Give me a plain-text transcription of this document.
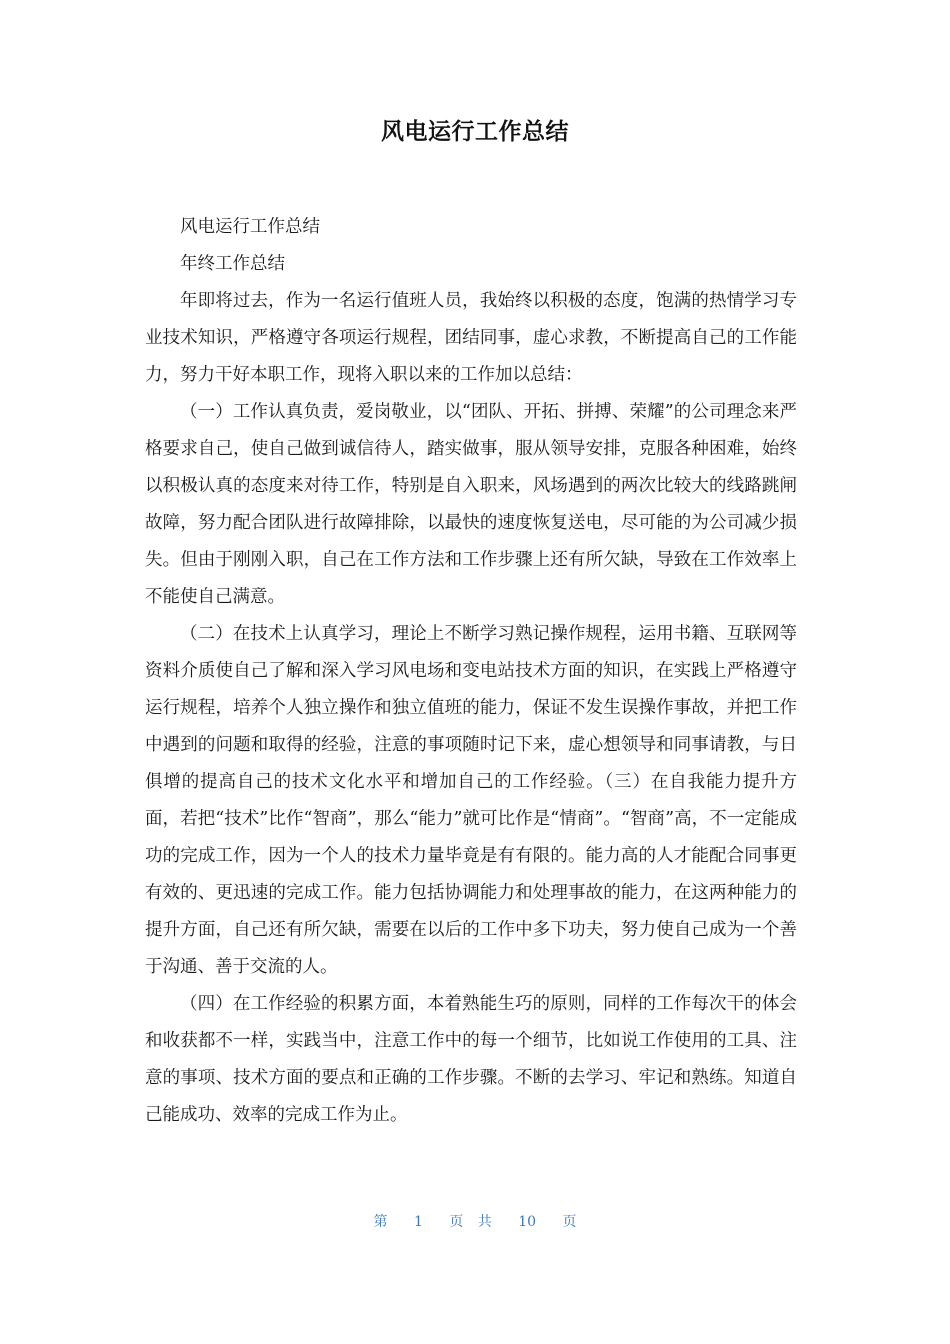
风电运行工作总结

风电运行工作总结

年终工作总结

年即将过去，作为一名运行值班人员，我始终以积极的态度，饱满的热情学习专业技术知识，严格遵守各项运行规程，团结同事，虚心求教，不断提高自己的工作能力，努力干好本职工作，现将入职以来的工作加以总结：

（一）工作认真负责，爱岗敬业，以“团队、开拓、拼搏、荣耀”的公司理念来严格要求自己，使自己做到诚信待人，踏实做事，服从领导安排，克服各种困难，始终以积极认真的态度来对待工作，特别是自入职来，风场遇到的两次比较大的线路跳闸故障，努力配合团队进行故障排除，以最快的速度恢复送电，尽可能的为公司减少损失。但由于刚刚入职，自己在工作方法和工作步骤上还有所欠缺，导致在工作效率上不能使自己满意。

（二）在技术上认真学习，理论上不断学习熟记操作规程，运用书籍、互联网等资料介质使自己了解和深入学习风电场和变电站技术方面的知识，在实践上严格遵守运行规程，培养个人独立操作和独立值班的能力，保证不发生误操作事故，并把工作中遇到的问题和取得的经验，注意的事项随时记下来，虚心想领导和同事请教，与日俱增的提高自己的技术文化水平和增加自己的工作经验。（三）在自我能力提升方面，若把“技术”比作“智商”，那么“能力”就可比作是“情商”。“智商”高，不一定能成功的完成工作，因为一个人的技术力量毕竟是有有限的。能力高的人才能配合同事更有效的、更迅速的完成工作。能力包括协调能力和处理事故的能力，在这两种能力的提升方面，自己还有所欠缺，需要在以后的工作中多下功夫，努力使自己成为一个善于沟通、善于交流的人。

（四）在工作经验的积累方面，本着熟能生巧的原则，同样的工作每次干的体会和收获都不一样，实践当中，注意工作中的每一个细节，比如说工作使用的工具、注意的事项、技术方面的要点和正确的工作步骤。不断的去学习、牢记和熟练。知道自己能成功、效率的完成工作为止。

第 1 页 共 10 页
